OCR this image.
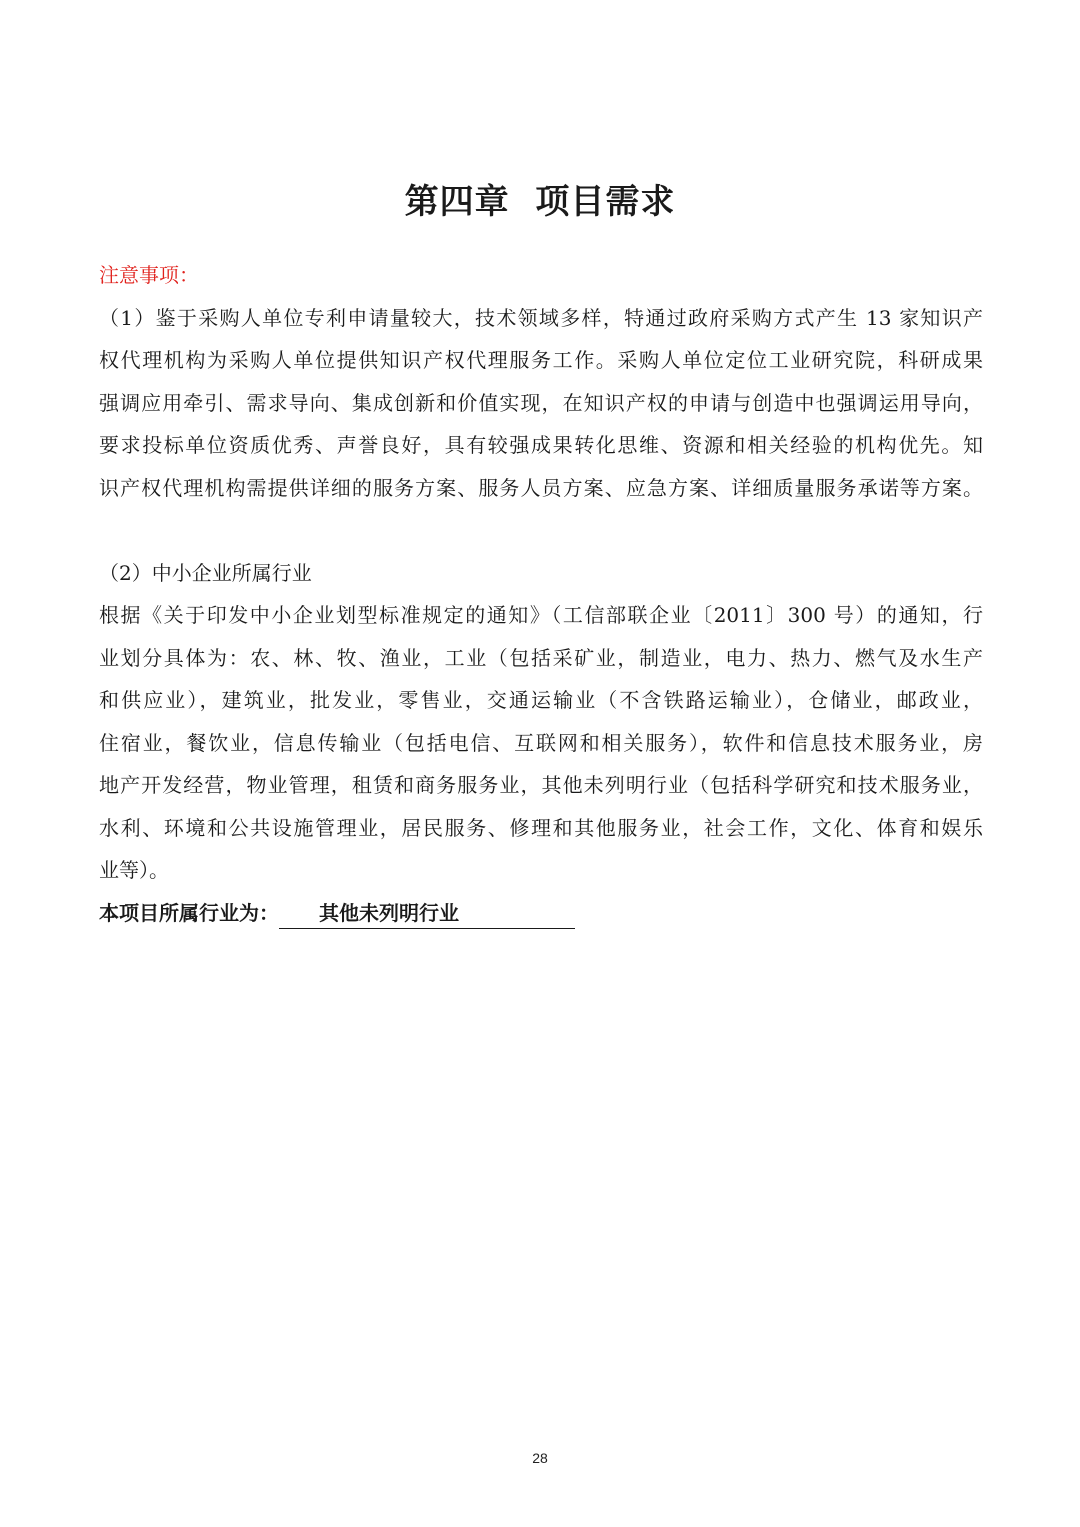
第四章  项目需求
注意事项：
（1）鉴于采购人单位专利申请量较大，技术领域多样，特通过政府采购方式产生 13 家知识产
权代理机构为采购人单位提供知识产权代理服务工作。采购人单位定位工业研究院，科研成果
强调应用牵引、需求导向、集成创新和价值实现，在知识产权的申请与创造中也强调运用导向，
要求投标单位资质优秀、声誉良好，具有较强成果转化思维、资源和相关经验的机构优先。知
识产权代理机构需提供详细的服务方案、服务人员方案、应急方案、详细质量服务承诺等方案。
（2）中小企业所属行业
根据《关于印发中小企业划型标准规定的通知》（工信部联企业〔2011〕300 号）的通知，行
业划分具体为：农、林、牧、渔业，工业（包括采矿业，制造业，电力、热力、燃气及水生产
和供应业），建筑业，批发业，零售业，交通运输业（不含铁路运输业），仓储业，邮政业，
住宿业，餐饮业，信息传输业（包括电信、互联网和相关服务），软件和信息技术服务业，房
地产开发经营，物业管理，租赁和商务服务业，其他未列明行业（包括科学研究和技术服务业，
水利、环境和公共设施管理业，居民服务、修理和其他服务业，社会工作，文化、体育和娱乐
业等）。
本项目所属行业为： 其他未列明行业
28
